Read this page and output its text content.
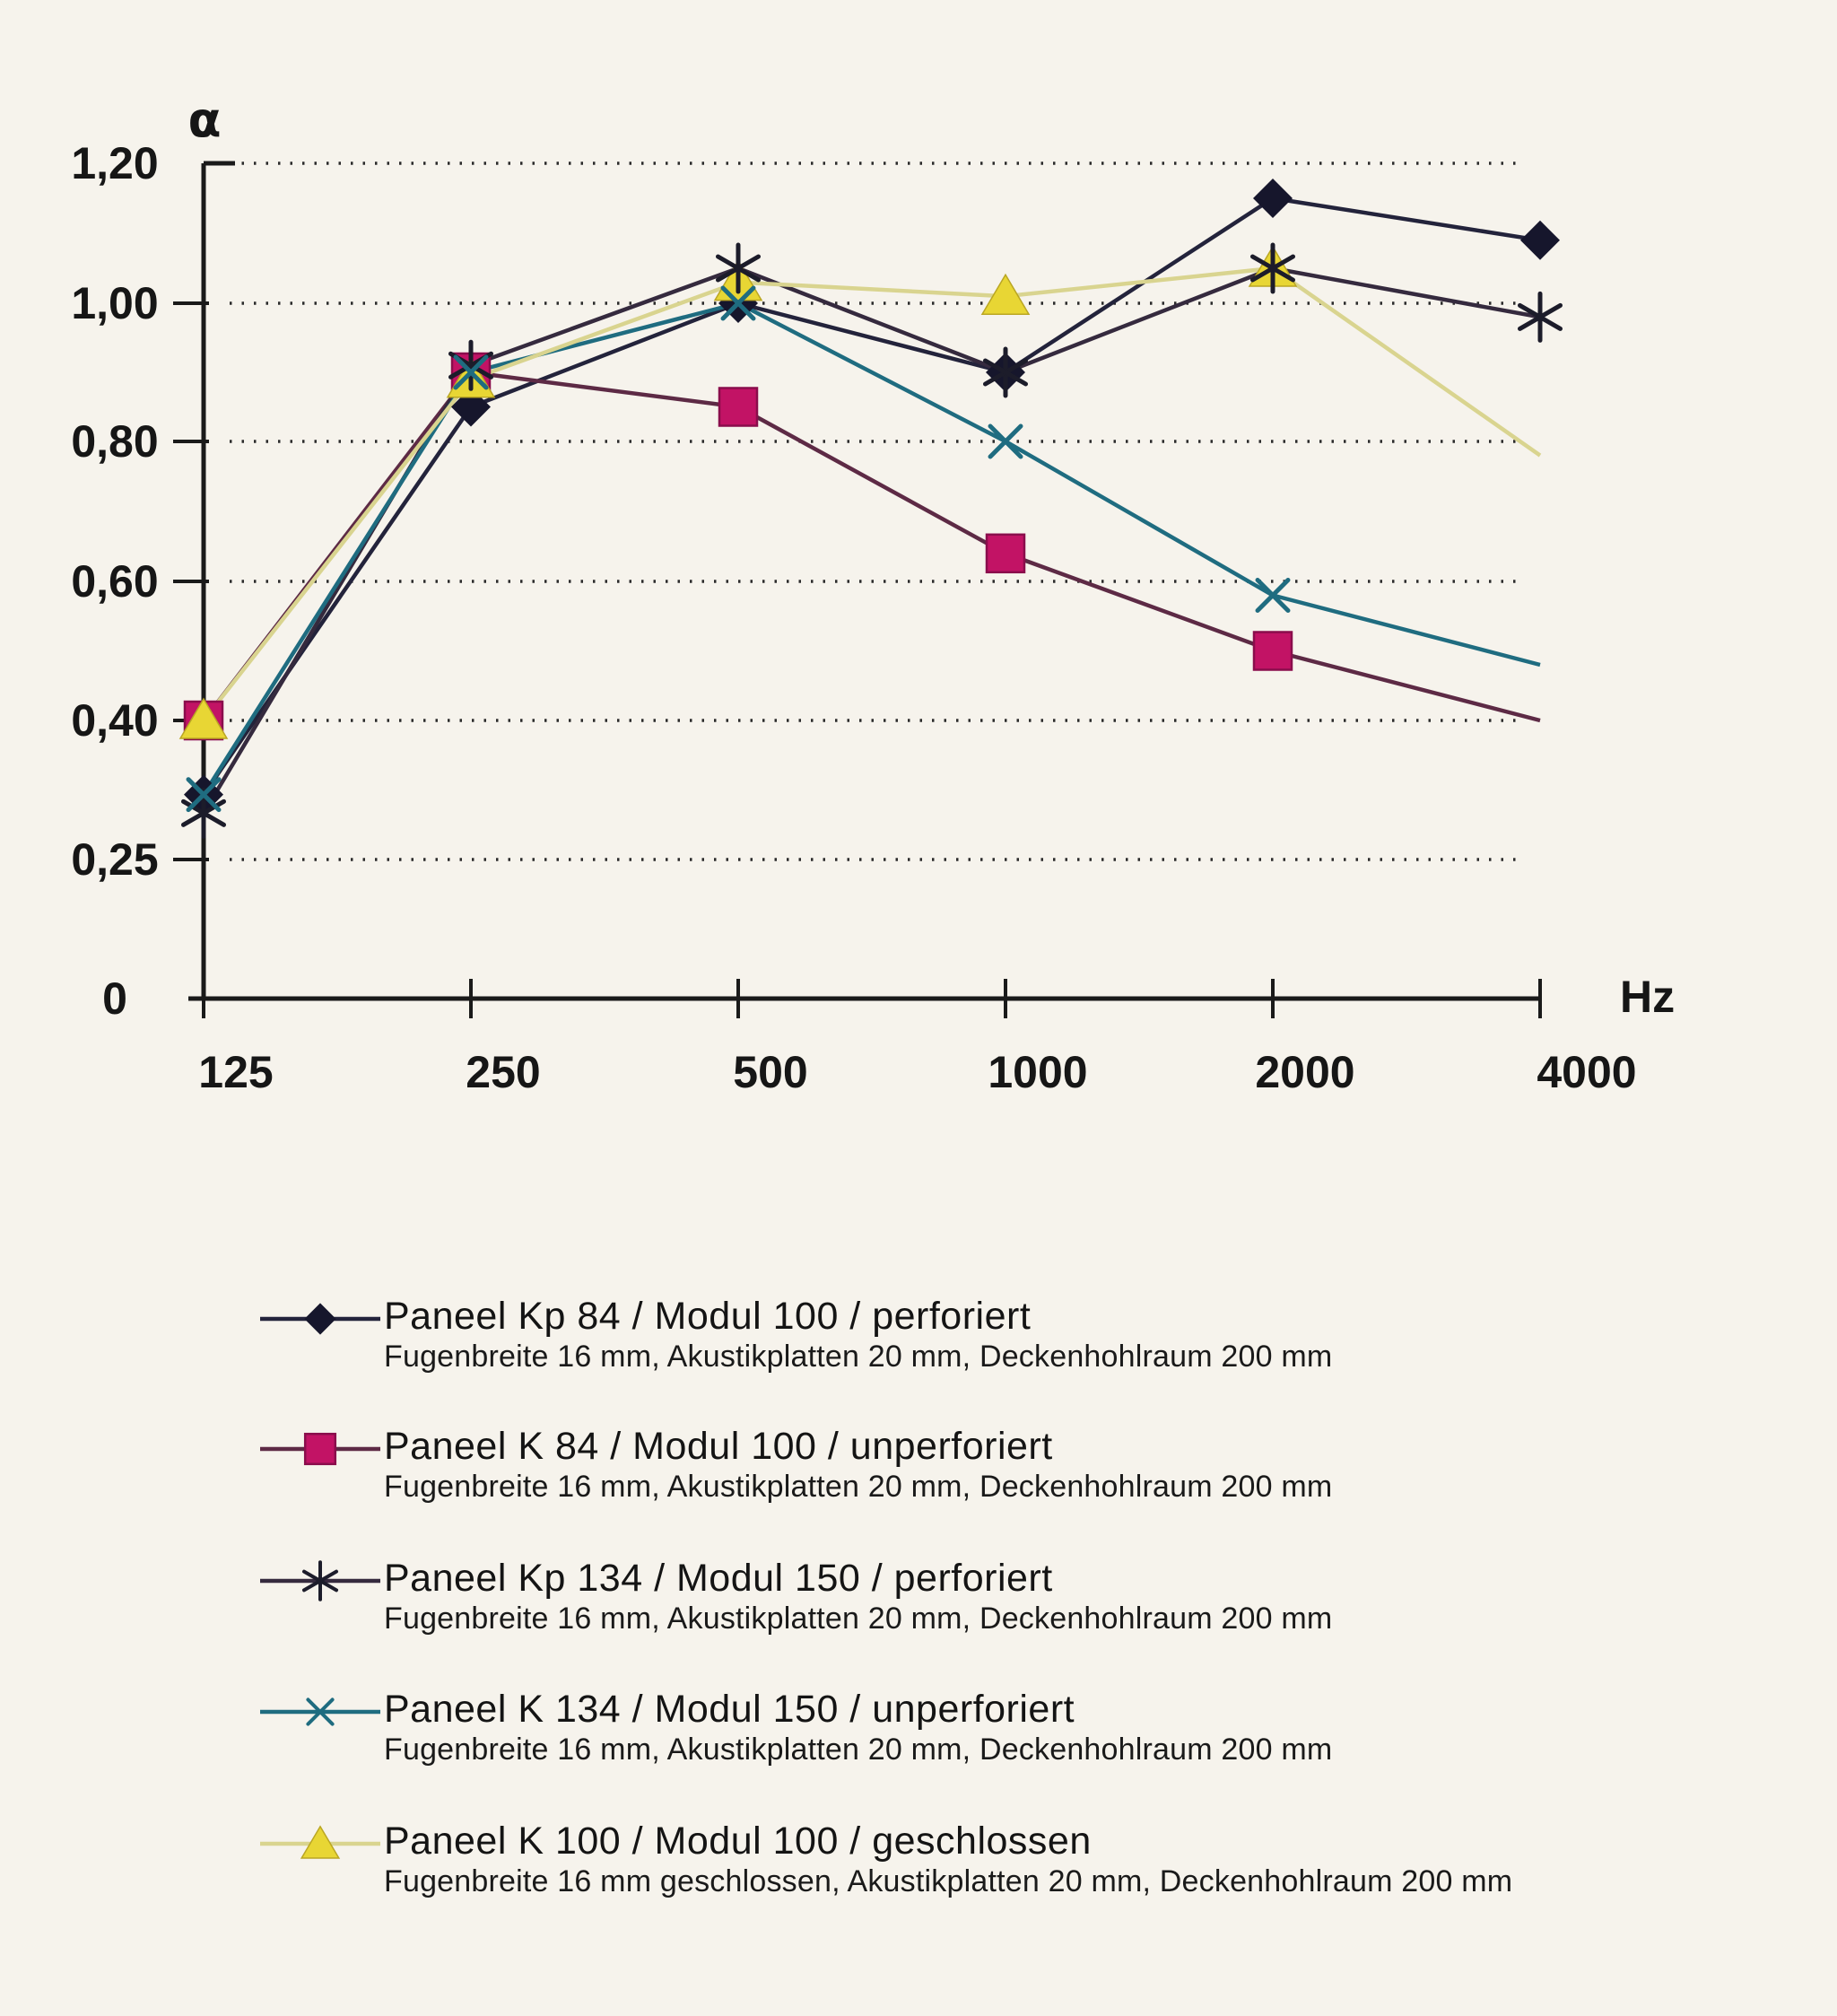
0
0,25
0,40
0,60
0,80
1,00
1,20
125	250	500	1000	2000	4000
α
Hz
Paneel Kp 84 / Modul 100 / perforiert
Fugenbreite 16 mm, Akustikplatten 20 mm, Deckenhohlraum 200 mm
Paneel K 84 / Modul 100 / unperforiert
Fugenbreite 16 mm, Akustikplatten 20 mm, Deckenhohlraum 200 mm
Paneel Kp 134 / Modul 150 / perforiert
Fugenbreite 16 mm, Akustikplatten 20 mm, Deckenhohlraum 200 mm
Paneel K 134 / Modul 150 / unperforiert
Fugenbreite 16 mm, Akustikplatten 20 mm, Deckenhohlraum 200 mm
Paneel K 100 / Modul 100 / geschlossen
Fugenbreite 16 mm geschlossen, Akustikplatten 20 mm, Deckenhohlraum 200 mm
